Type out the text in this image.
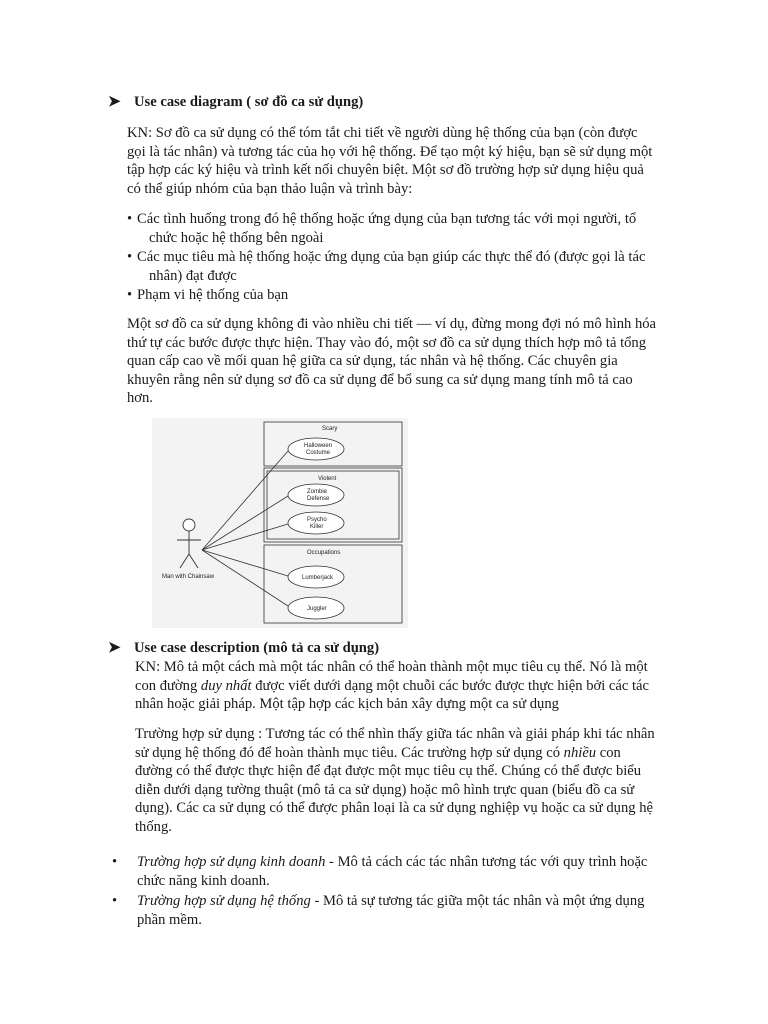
➤ Use case diagram ( sơ đồ ca sử dụng)
KN: Sơ đồ ca sử dụng có thể tóm tắt chi tiết về người dùng hệ thống của bạn (còn được
gọi là tác nhân) và tương tác của họ với hệ thống. Để tạo một ký hiệu, bạn sẽ sử dụng một
tập hợp các ký hiệu và trình kết nối chuyên biệt. Một sơ đồ trường hợp sử dụng hiệu quả
có thể giúp nhóm của bạn thảo luận và trình bày:
• Các tình huống trong đó hệ thống hoặc ứng dụng của bạn tương tác với mọi người, tổ
chức hoặc hệ thống bên ngoài
• Các mục tiêu mà hệ thống hoặc ứng dụng của bạn giúp các thực thể đó (được gọi là tác
nhân) đạt được
• Phạm vi hệ thống của bạn
Một sơ đồ ca sử dụng không đi vào nhiều chi tiết — ví dụ, đừng mong đợi nó mô hình hóa
thứ tự các bước được thực hiện. Thay vào đó, một sơ đồ ca sử dụng thích hợp mô tả tổng
quan cấp cao về mối quan hệ giữa ca sử dụng, tác nhân và hệ thống. Các chuyên gia
khuyên rằng nên sử dụng sơ đồ ca sử dụng để bổ sung ca sử dụng mang tính mô tả cao
hơn.
Scary
Violent
Occupations
Halloween
Costume
Zombie
Defense
Psycho
Killer
Lumberjack
Juggler
Man with Chainsaw
➤ Use case description (mô tả ca sử dụng)
KN: Mô tả một cách mà một tác nhân có thể hoàn thành một mục tiêu cụ thể. Nó là một
con đường duy nhất được viết dưới dạng một chuỗi các bước được thực hiện bởi các tác
nhân hoặc giải pháp. Một tập hợp các kịch bản xây dựng một ca sử dụng
Trường hợp sử dụng : Tương tác có thể nhìn thấy giữa tác nhân và giải pháp khi tác nhân
sử dụng hệ thống đó để hoàn thành mục tiêu. Các trường hợp sử dụng có nhiều con
đường có thể được thực hiện để đạt được một mục tiêu cụ thể. Chúng có thể được biểu
diễn dưới dạng tường thuật (mô tả ca sử dụng) hoặc mô hình trực quan (biểu đồ ca sử
dụng). Các ca sử dụng có thể được phân loại là ca sử dụng nghiệp vụ hoặc ca sử dụng hệ
thống.
• Trường hợp sử dụng kinh doanh - Mô tả cách các tác nhân tương tác với quy trình hoặc
chức năng kinh doanh.
• Trường hợp sử dụng hệ thống - Mô tả sự tương tác giữa một tác nhân và một ứng dụng
phần mềm.
